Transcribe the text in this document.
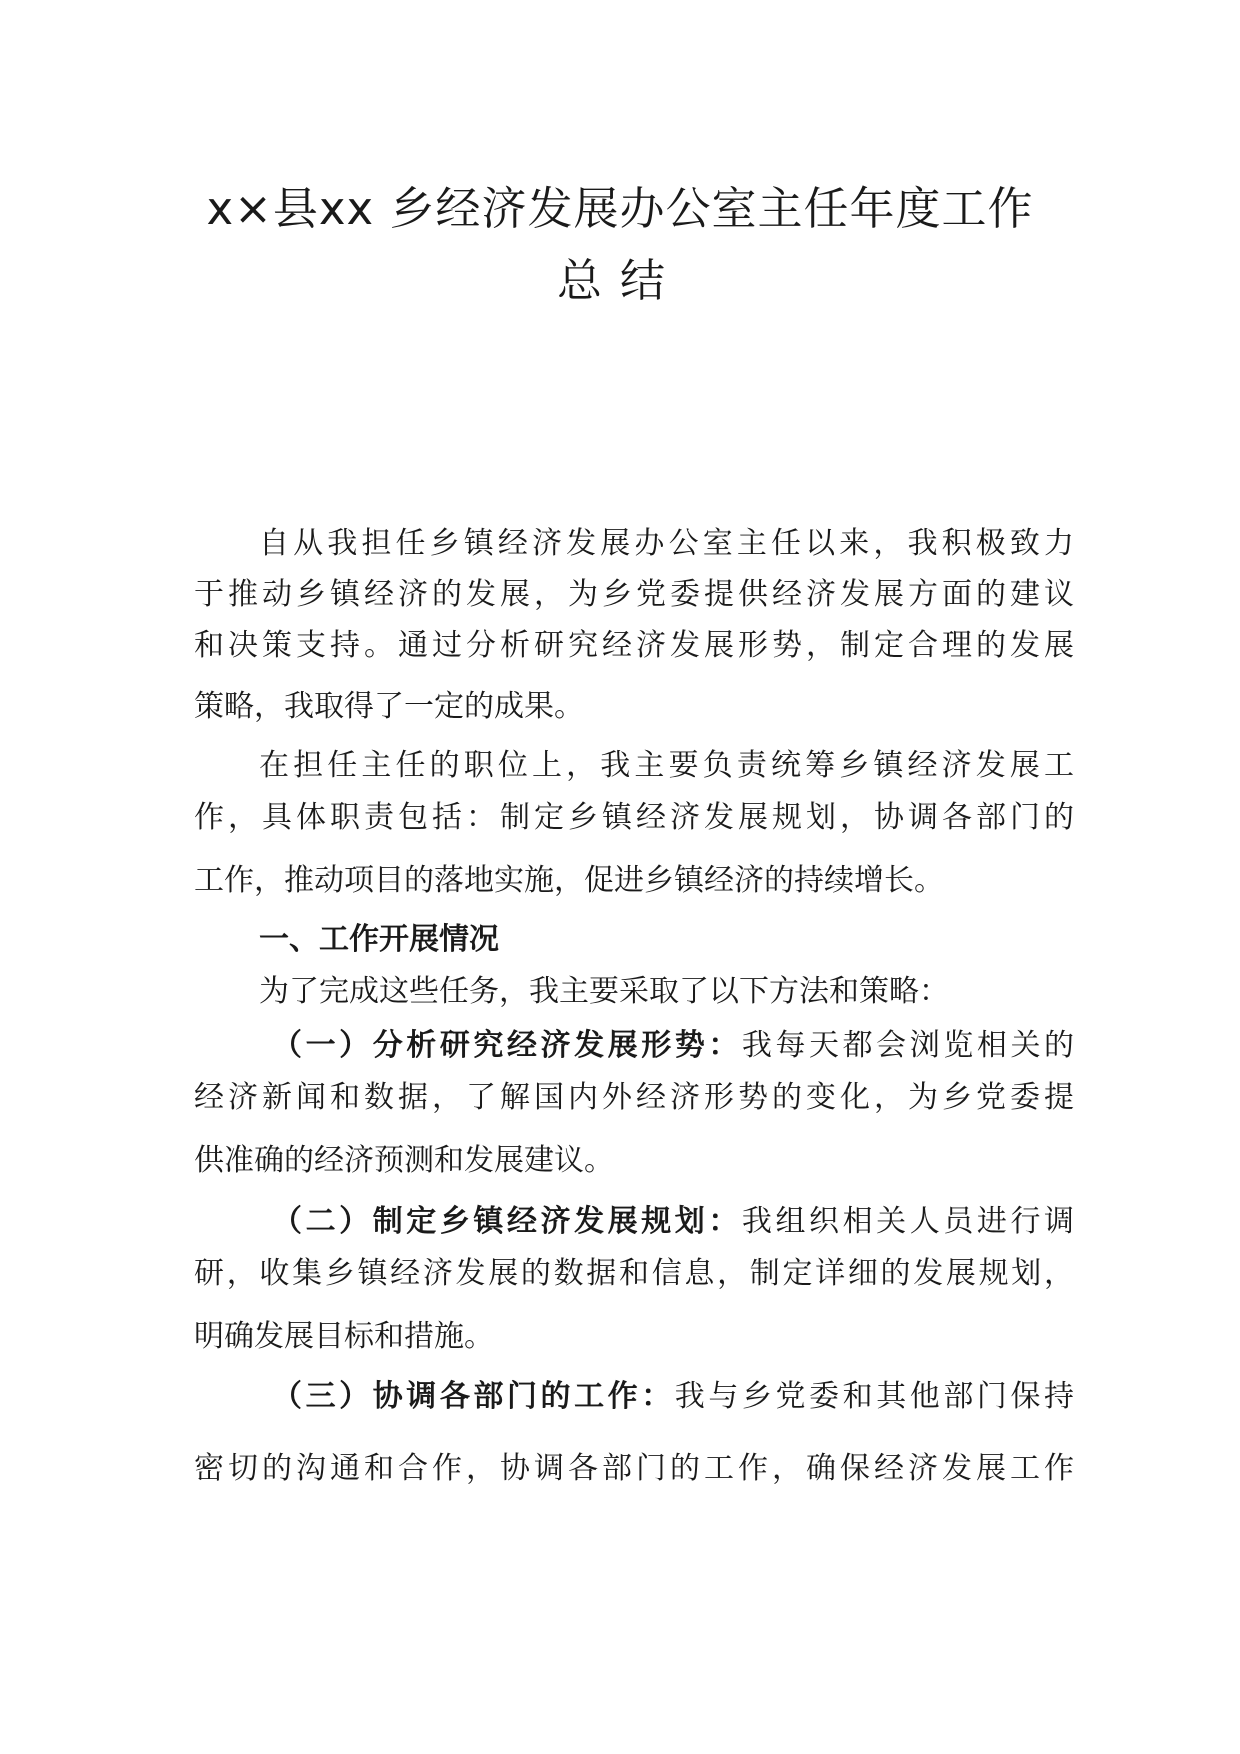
x×县xx 乡经济发展办公室主任年度工作
总结
自从我担任乡镇经济发展办公室主任以来，我积极致力
于推动乡镇经济的发展，为乡党委提供经济发展方面的建议
和决策支持。通过分析研究经济发展形势，制定合理的发展
策略，我取得了一定的成果。
在担任主任的职位上，我主要负责统筹乡镇经济发展工
作，具体职责包括：制定乡镇经济发展规划，协调各部门的
工作，推动项目的落地实施，促进乡镇经济的持续增长。
一、工作开展情况
为了完成这些任务，我主要采取了以下方法和策略：
（一）分析研究经济发展形势：我每天都会浏览相关的
经济新闻和数据，了解国内外经济形势的变化，为乡党委提
供准确的经济预测和发展建议。
（二）制定乡镇经济发展规划：我组织相关人员进行调
研，收集乡镇经济发展的数据和信息，制定详细的发展规划，
明确发展目标和措施。
（三）协调各部门的工作：我与乡党委和其他部门保持
密切的沟通和合作，协调各部门的工作，确保经济发展工作
